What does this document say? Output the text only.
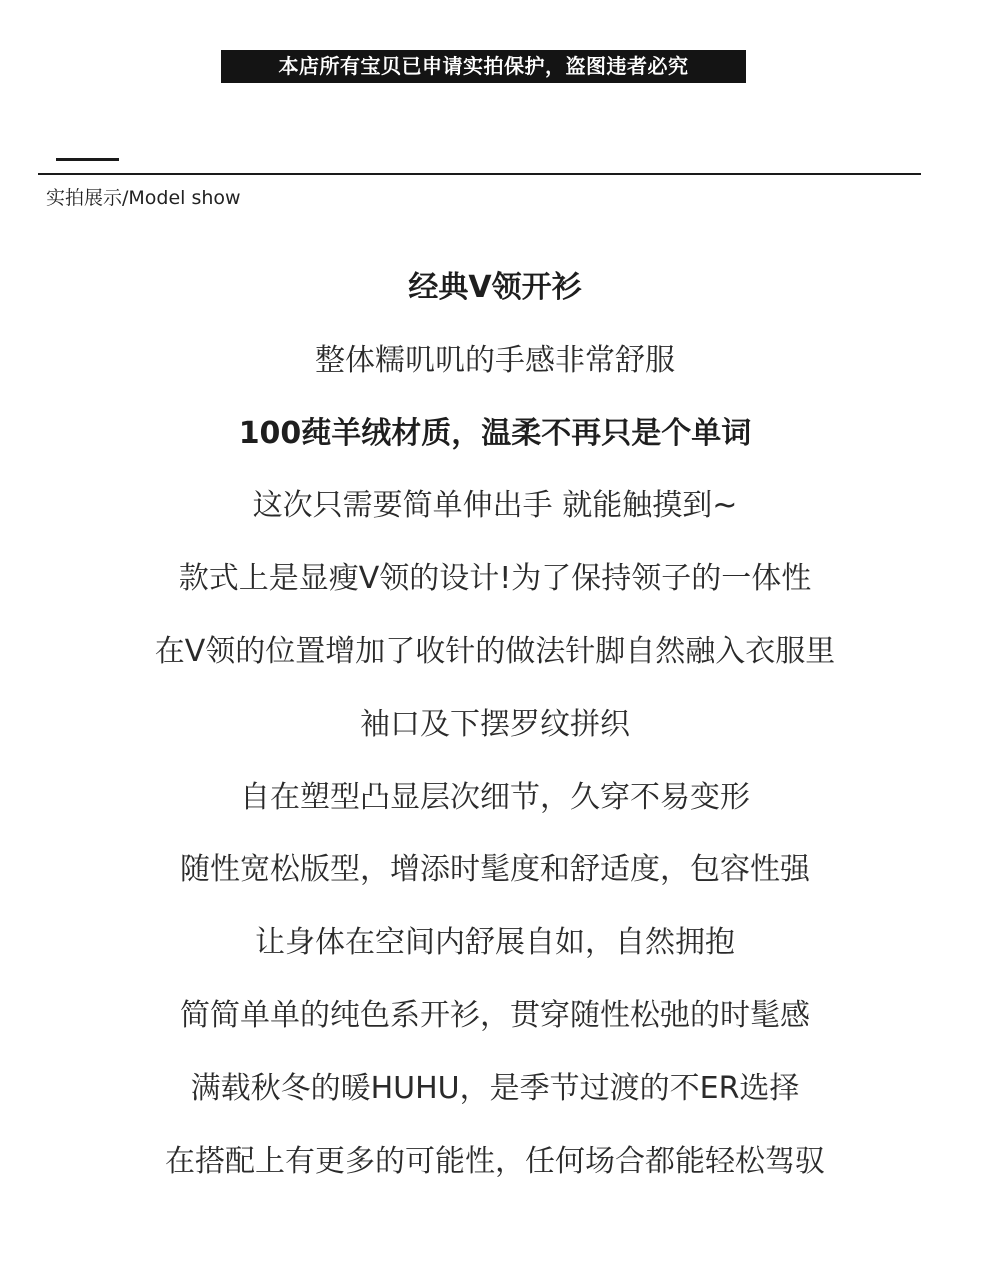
本店所有宝贝已申请实拍保护，盗图违者必究
实拍展示/Model show
经典V领开衫
整体糯叽叽的手感非常舒服
100莼羊绒材质，温柔不再只是个单词
这次只需要简单伸出手 就能触摸到~
款式上是显瘦V领的设计!为了保持领子的一体性
在V领的位置增加了收针的做法针脚自然融入衣服里
袖口及下摆罗纹拼织
自在塑型凸显层次细节，久穿不易变形
随性宽松版型，增添时髦度和舒适度，包容性强
让身体在空间内舒展自如，自然拥抱
简简单单的纯色系开衫，贯穿随性松弛的时髦感
满载秋冬的暖HUHU，是季节过渡的不ER选择
在搭配上有更多的可能性，任何场合都能轻松驾驭
